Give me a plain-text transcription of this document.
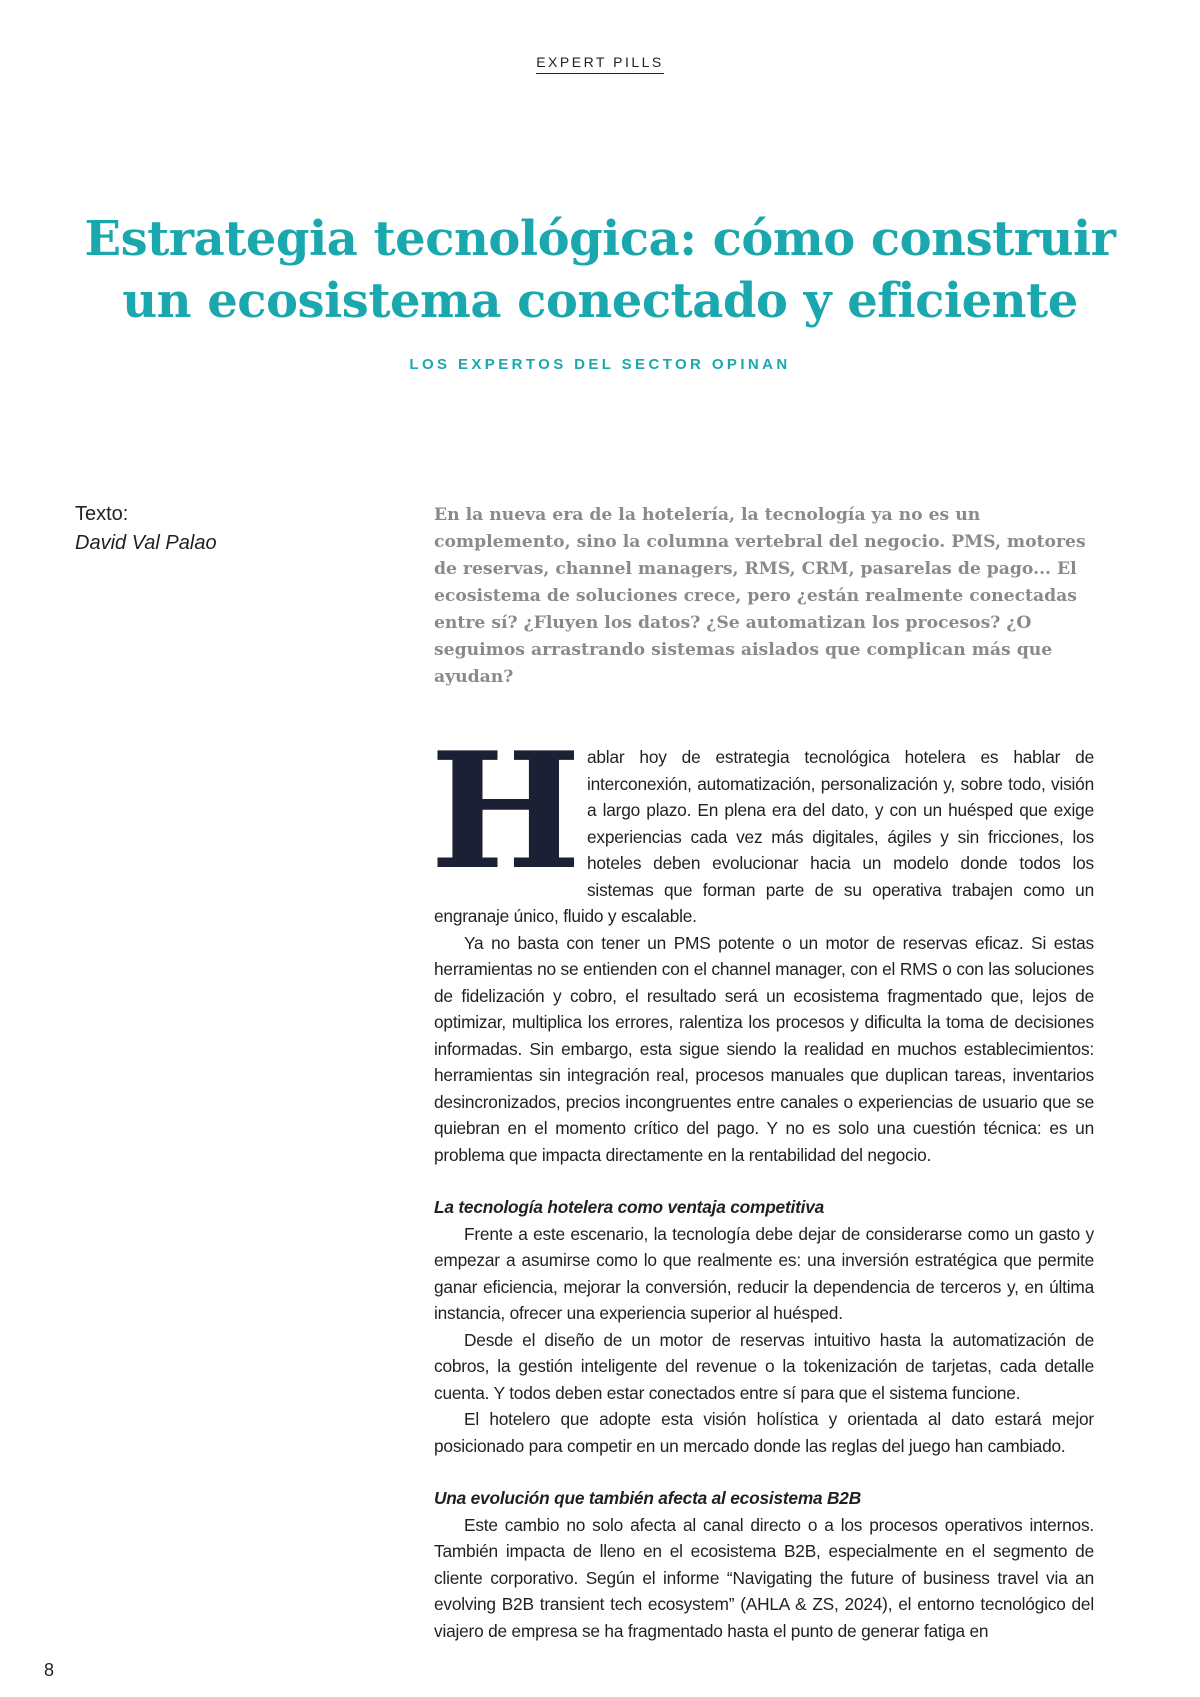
EXPERT PILLS
Estrategia tecnológica: cómo construir un ecosistema conectado y eficiente
LOS EXPERTOS DEL SECTOR OPINAN
Texto:
David Val Palao

En la nueva era de la hotelería, la tecnología ya no es un complemento, sino la columna vertebral del negocio. PMS, motores de reservas, channel managers, RMS, CRM, pasarelas de pago... El ecosistema de soluciones crece, pero ¿están realmente conectadas entre sí? ¿Fluyen los datos? ¿Se automatizan los procesos? ¿O seguimos arrastrando sistemas aislados que complican más que ayudan?

Hablar hoy de estrategia tecnológica hotelera es hablar de interconexión, automatización, personalización y, sobre todo, visión a largo plazo. En plena era del dato, y con un huésped que exige experiencias cada vez más digitales, ágiles y sin fricciones, los hoteles deben evolucionar hacia un modelo donde todos los sistemas que forman parte de su operativa trabajen como un engranaje único, fluido y escalable.

Ya no basta con tener un PMS potente o un motor de reservas eficaz. Si estas herramientas no se entienden con el channel manager, con el RMS o con las soluciones de fidelización y cobro, el resultado será un ecosistema fragmentado que, lejos de optimizar, multiplica los errores, ralentiza los procesos y dificulta la toma de decisiones informadas. Sin embargo, esta sigue siendo la realidad en muchos establecimientos: herramientas sin integración real, procesos manuales que duplican tareas, inventarios desincronizados, precios incongruentes entre canales o experiencias de usuario que se quiebran en el momento crítico del pago. Y no es solo una cuestión técnica: es un problema que impacta directamente en la rentabilidad del negocio.

La tecnología hotelera como ventaja competitiva

Frente a este escenario, la tecnología debe dejar de considerarse como un gasto y empezar a asumirse como lo que realmente es: una inversión estratégica que permite ganar eficiencia, mejorar la conversión, reducir la dependencia de terceros y, en última instancia, ofrecer una experiencia superior al huésped.

Desde el diseño de un motor de reservas intuitivo hasta la automatización de cobros, la gestión inteligente del revenue o la tokenización de tarjetas, cada detalle cuenta. Y todos deben estar conectados entre sí para que el sistema funcione.

El hotelero que adopte esta visión holística y orientada al dato estará mejor posicionado para competir en un mercado donde las reglas del juego han cambiado.

Una evolución que también afecta al ecosistema B2B

Este cambio no solo afecta al canal directo o a los procesos operativos internos. También impacta de lleno en el ecosistema B2B, especialmente en el segmento de cliente corporativo. Según el informe “Navigating the future of business travel via an evolving B2B transient tech ecosystem” (AHLA & ZS, 2024), el entorno tecnológico del viajero de empresa se ha fragmentado hasta el punto de generar fatiga en

8
